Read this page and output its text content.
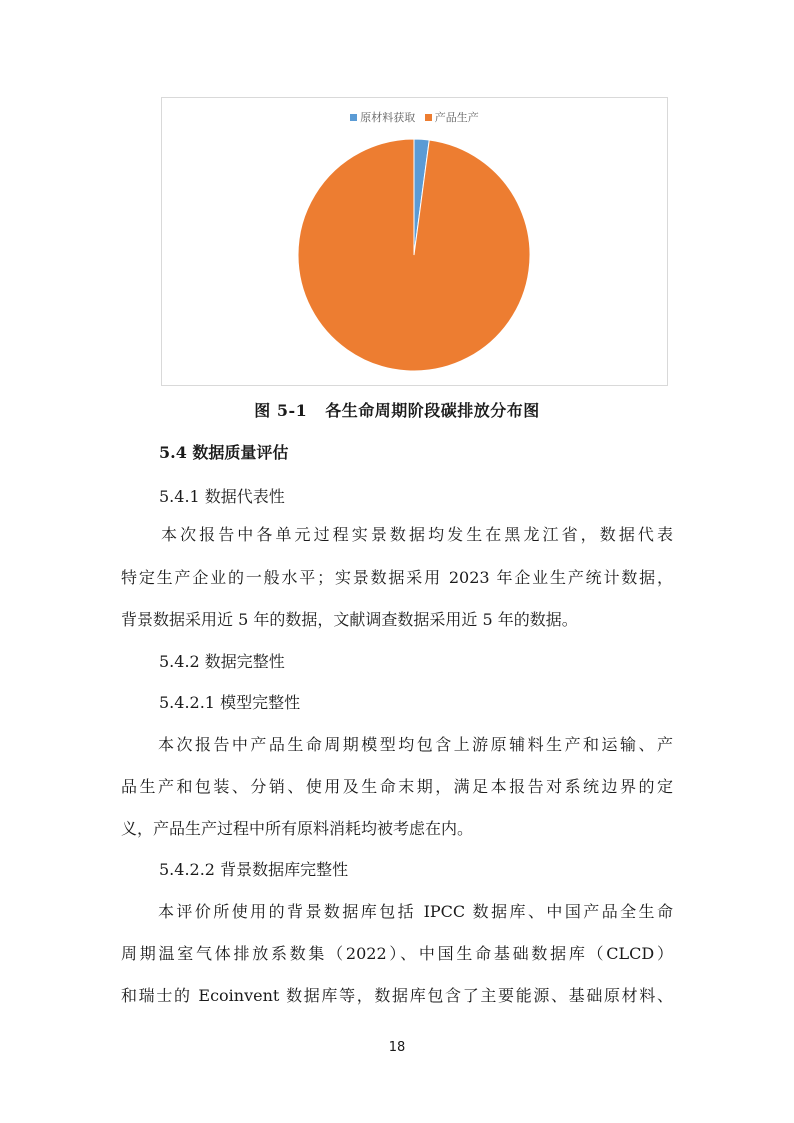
原材料获取
产品生产
图 5-1 各生命周期阶段碳排放分布图
5.4 数据质量评估
5.4.1 数据代表性
本次报告中各单元过程实景数据均发生在黑龙江省，数据代表
特定生产企业的一般水平；实景数据采用 2023 年企业生产统计数据，
背景数据采用近 5 年的数据，文献调查数据采用近 5 年的数据。
5.4.2 数据完整性
5.4.2.1 模型完整性
本次报告中产品生命周期模型均包含上游原辅料生产和运输、产
品生产和包装、分销、使用及生命末期，满足本报告对系统边界的定
义，产品生产过程中所有原料消耗均被考虑在内。
5.4.2.2 背景数据库完整性
本评价所使用的背景数据库包括 IPCC 数据库、中国产品全生命
周期温室气体排放系数集（2022）、中国生命基础数据库（CLCD）
和瑞士的 Ecoinvent 数据库等，数据库包含了主要能源、基础原材料、
18
